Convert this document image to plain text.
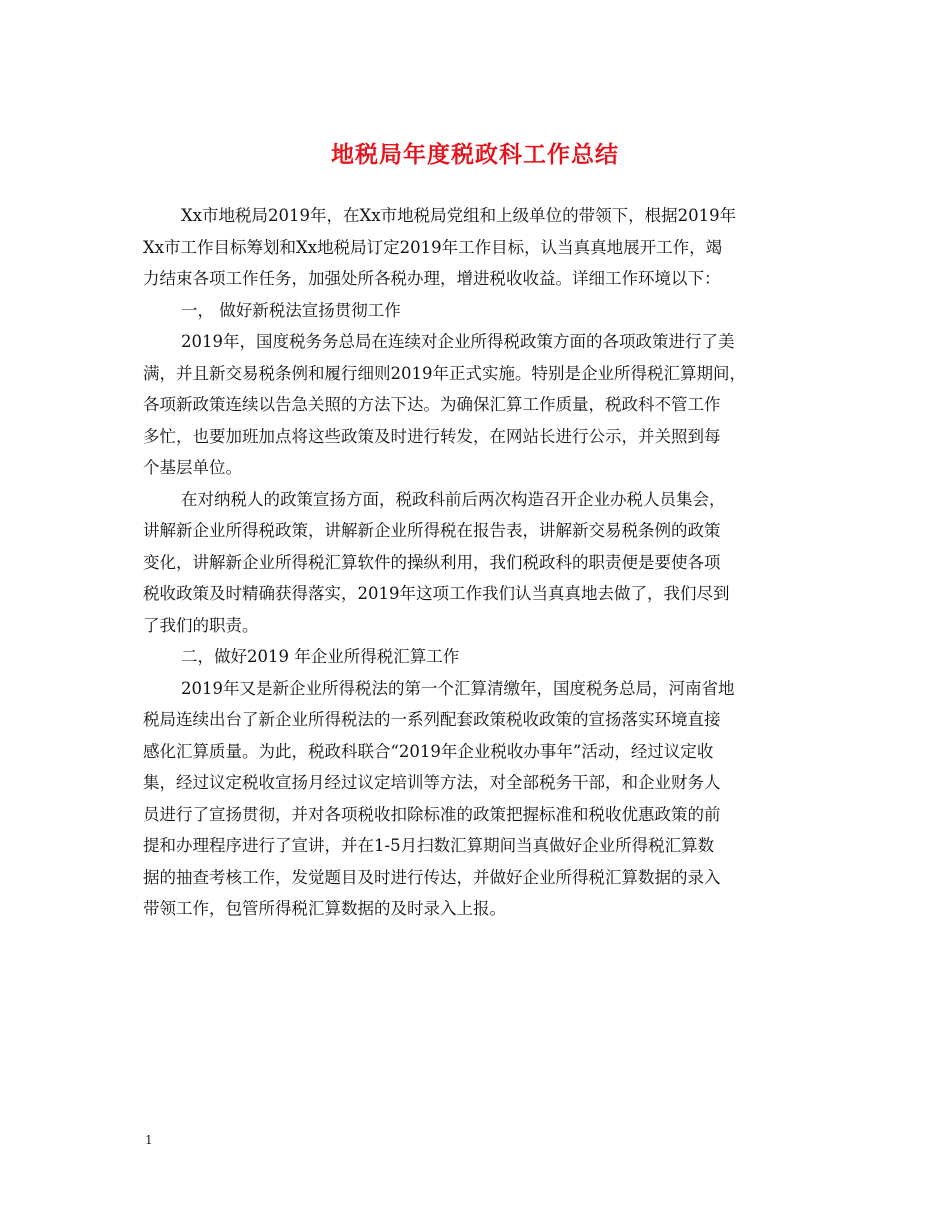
地税局年度税政科工作总结
Xx市地税局2019年，在Xx市地税局党组和上级单位的带领下，根据2019年
Xx市工作目标筹划和Xx地税局订定2019年工作目标，认当真真地展开工作，竭
力结束各项工作任务，加强处所各税办理，增进税收收益。详细工作环境以下：
一， 做好新税法宣扬贯彻工作
2019年，国度税务务总局在连续对企业所得税政策方面的各项政策进行了美
满，并且新交易税条例和履行细则2019年正式实施。特别是企业所得税汇算期间，
各项新政策连续以告急关照的方法下达。为确保汇算工作质量，税政科不管工作
多忙，也要加班加点将这些政策及时进行转发，在网站长进行公示，并关照到每
个基层单位。
在对纳税人的政策宣扬方面，税政科前后两次构造召开企业办税人员集会，
讲解新企业所得税政策，讲解新企业所得税在报告表，讲解新交易税条例的政策
变化，讲解新企业所得税汇算软件的操纵利用，我们税政科的职责便是要使各项
税收政策及时精确获得落实，2019年这项工作我们认当真真地去做了，我们尽到
了我们的职责。
二，做好2019 年企业所得税汇算工作
2019年又是新企业所得税法的第一个汇算清缴年，国度税务总局，河南省地
税局连续出台了新企业所得税法的一系列配套政策税收政策的宣扬落实环境直接
感化汇算质量。为此，税政科联合“2019年企业税收办事年”活动，经过议定收
集，经过议定税收宣扬月经过议定培训等方法，对全部税务干部，和企业财务人
员进行了宣扬贯彻，并对各项税收扣除标准的政策把握标准和税收优惠政策的前
提和办理程序进行了宣讲，并在1-5月扫数汇算期间当真做好企业所得税汇算数
据的抽查考核工作，发觉题目及时进行传达，并做好企业所得税汇算数据的录入
带领工作，包管所得税汇算数据的及时录入上报。
1
